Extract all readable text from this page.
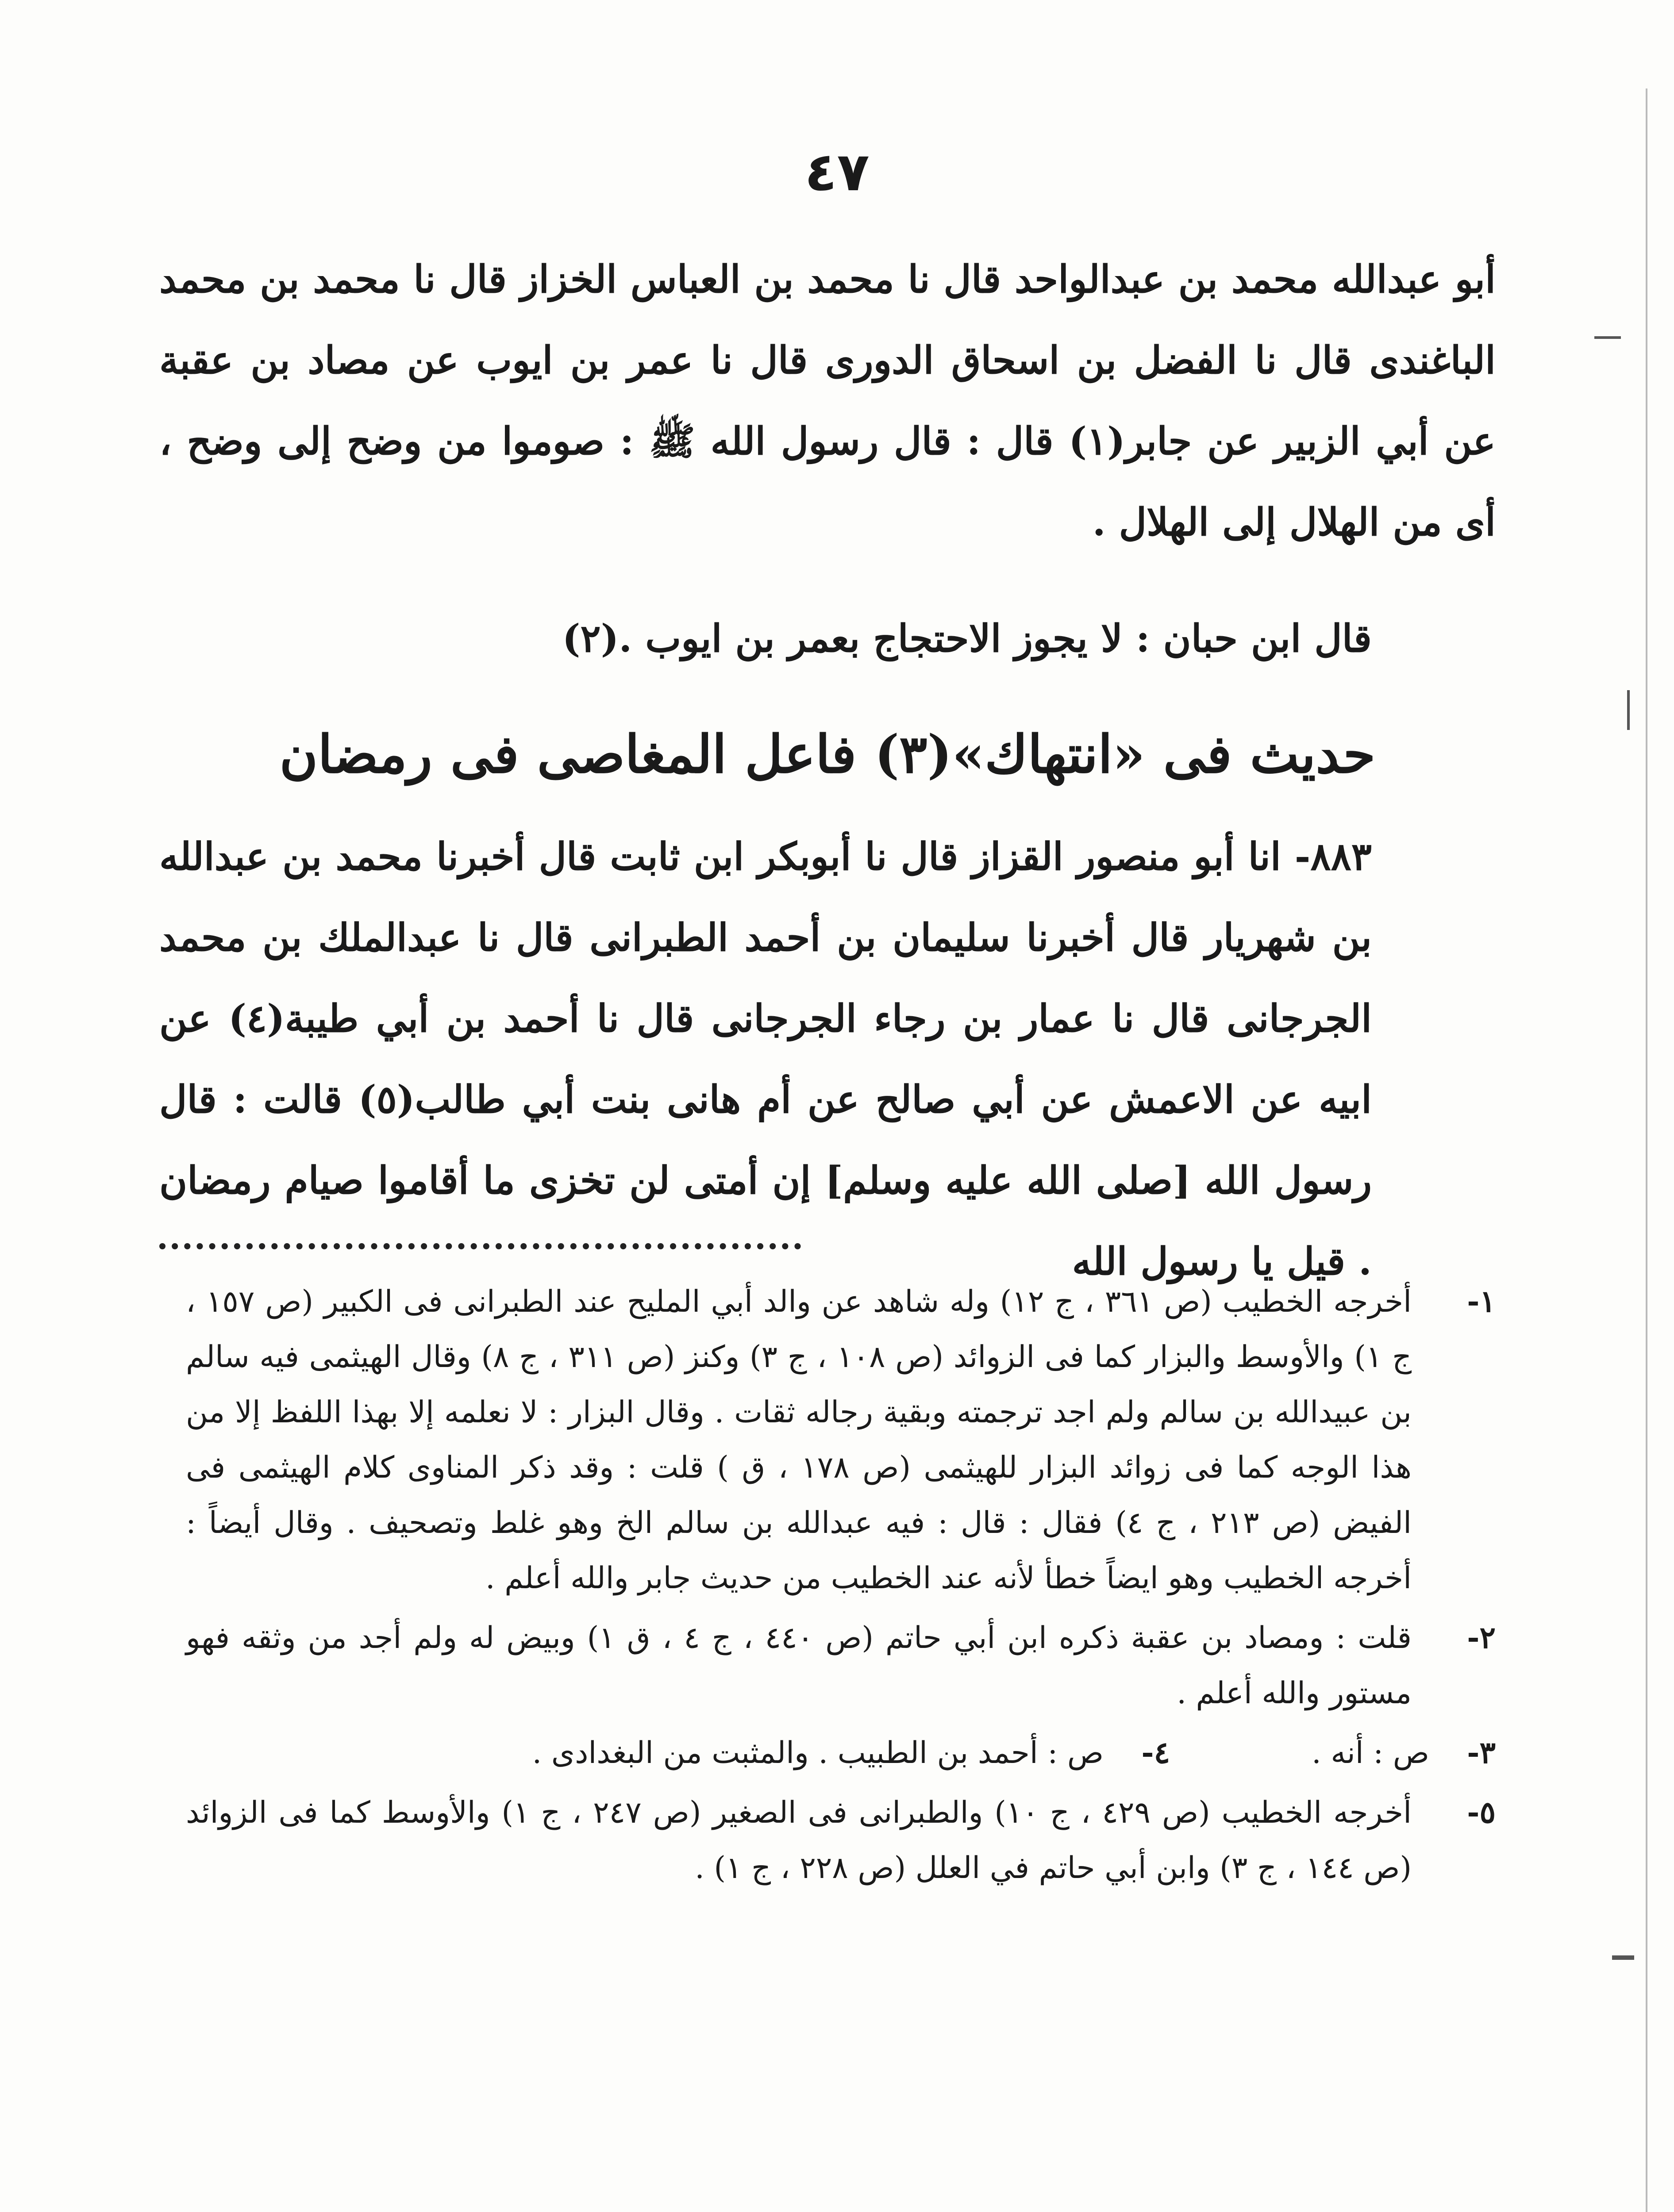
٤٧

أبو عبدالله محمد بن عبدالواحد قال نا محمد بن العباس الخزاز قال نا محمد بن محمد الباغندى قال نا الفضل بن اسحاق الدورى قال نا عمر بن ايوب عن مصاد بن عقبة عن أبي الزبير عن جابر(١) قال : قال رسول الله ﷺ : صوموا من وضح إلى وضح ، أى من الهلال إلى الهلال .

قال ابن حبان : لا يجوز الاحتجاج بعمر بن ايوب .(٢)

حديث فى «انتهاك»(٣) فاعل المغاصى فى رمضان

٨٨٣- انا أبو منصور القزاز قال نا أبوبكر ابن ثابت قال أخبرنا محمد بن عبدالله بن شهريار قال أخبرنا سليمان بن أحمد الطبرانى قال نا عبدالملك بن محمد الجرجانى قال نا عمار بن رجاء الجرجانى قال نا أحمد بن أبي طيبة(٤) عن ابيه عن الاعمش عن أبي صالح عن أم هانى بنت أبي طالب(٥) قالت : قال رسول الله [صلى الله عليه وسلم] إن أمتى لن تخزى ما أقاموا صيام رمضان . قيل يا رسول الله

١-
أخرجه الخطيب (ص ٣٦١ ، ج ١٢) وله شاهد عن والد أبي المليح عند الطبرانى فى الكبير (ص ١٥٧ ، ج ١) والأوسط والبزار كما فى الزوائد (ص ١٠٨ ، ج ٣) وكنز (ص ٣١١ ، ج ٨) وقال الهيثمى فيه سالم بن عبيدالله بن سالم ولم اجد ترجمته وبقية رجاله ثقات . وقال البزار : لا نعلمه إلا بهذا اللفظ إلا من هذا الوجه كما فى زوائد البزار للهيثمى (ص ١٧٨ ، ق ) قلت : وقد ذكر المناوى كلام الهيثمى فى الفيض (ص ٢١٣ ، ج ٤) فقال : قال : فيه عبدالله بن سالم الخ وهو غلط وتصحيف . وقال أيضاً : أخرجه الخطيب وهو ايضاً خطأ لأنه عند الخطيب من حديث جابر والله أعلم .
٢-
قلت : ومصاد بن عقبة ذكره ابن أبي حاتم (ص ٤٤٠ ، ج ٤ ، ق ١) وبيض له ولم أجد من وثقه فهو مستور والله أعلم .
٣-
ص : أنه .
٤-
ص : أحمد بن الطبيب . والمثبت من البغدادى .
٥-
أخرجه الخطيب (ص ٤٢٩ ، ج ١٠) والطبرانى فى الصغير (ص ٢٤٧ ، ج ١) والأوسط كما فى الزوائد (ص ١٤٤ ، ج ٣) وابن أبي حاتم في العلل (ص ٢٢٨ ، ج ١) .
